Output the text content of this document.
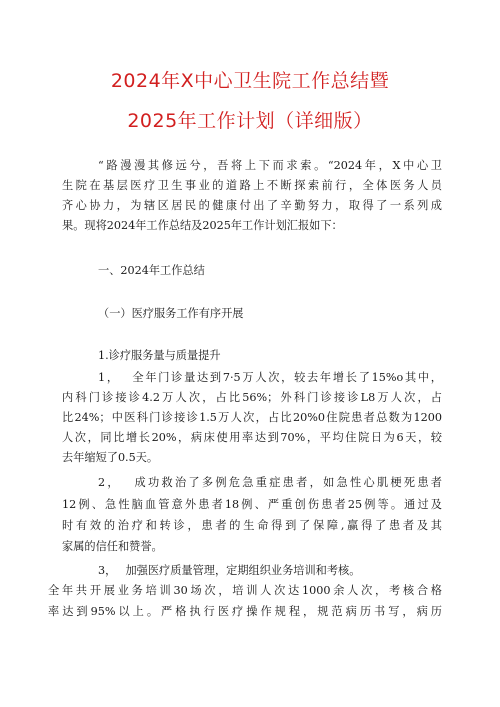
2024年X中心卫生院工作总结暨
2025年工作计划（详细版）
“路漫漫其修远兮，吾将上下而求索。“2024年，X中心卫
生院在基层医疗卫生事业的道路上不断探索前行，全体医务人员
齐心协力，为辖区居民的健康付出了辛勤努力，取得了一系列成
果。现将2024年工作总结及2025年工作计划汇报如下：
一、2024年工作总结
（一）医疗服务工作有序开展
1.诊疗服务量与质量提升
1，　 全年门诊量达到7·5万人次，较去年增长了15%o其中，
内科门诊接诊4.2万人次，占比56%；外科门诊接诊L8万人次，占
比24%；中医科门诊接诊1.5万人次，占比20%0住院患者总数为1200
人次，同比增长20%，病床使用率达到70%，平均住院日为6天，较
去年缩短了0.5天。
2，　 成功救治了多例危急重症患者，如急性心肌梗死患者
12例、急性脑血管意外患者18例、严重创伤患者25例等。通过及
时有效的治疗和转诊，患者的生命得到了保障,赢得了患者及其
家属的信任和赞誉。
3，　 加强医疗质量管理，定期组织业务培训和考核。
全年共开展业务培训30场次，培训人次达1000余人次，考核合格
率达到95%以上。严格执行医疗操作规程，规范病历书写，病历
